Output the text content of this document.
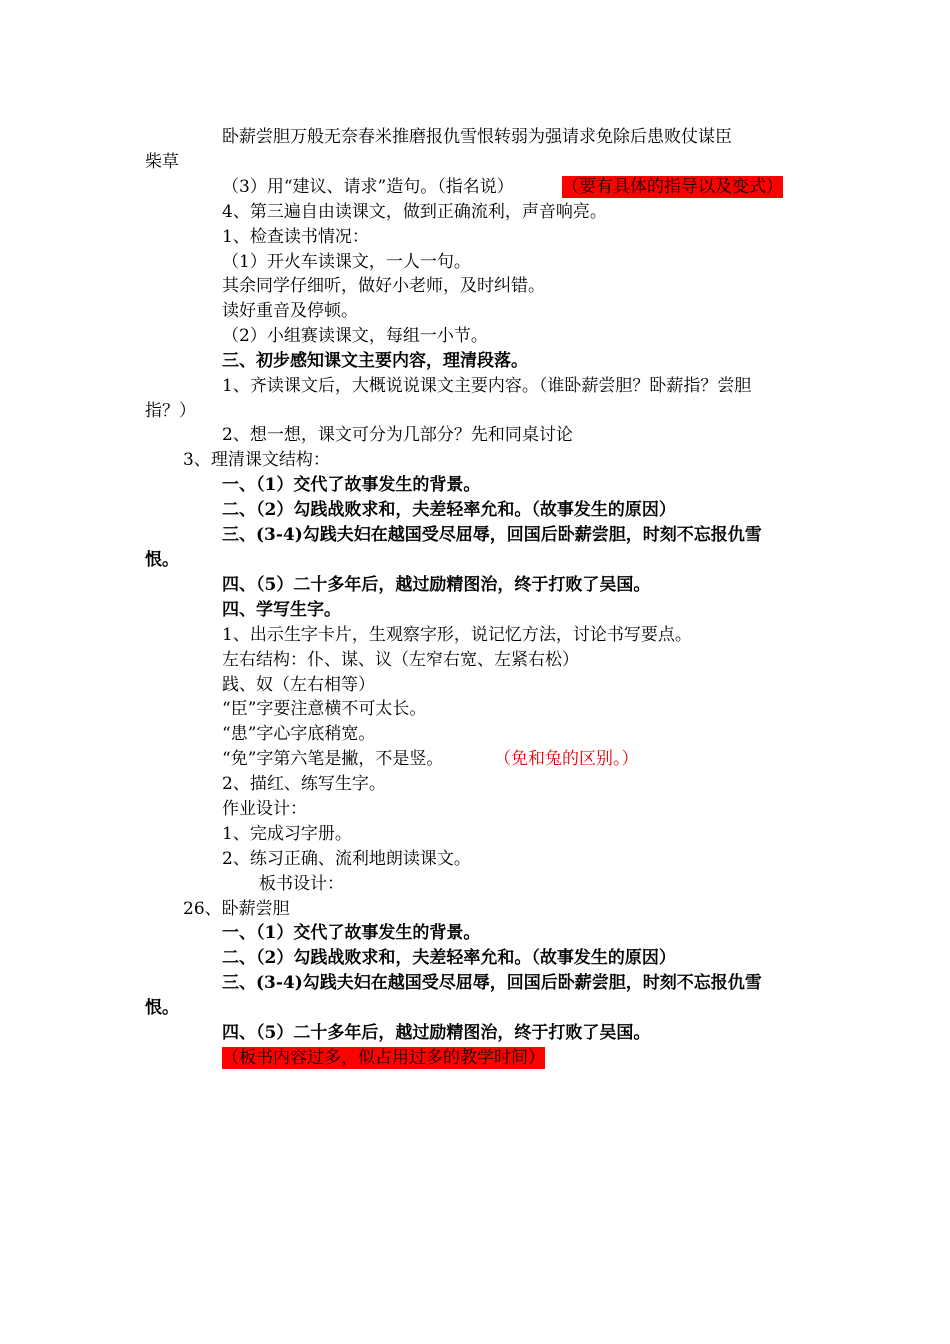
卧薪尝胆万般无奈春米推磨报仇雪恨转弱为强请求免除后患败仗谋臣
柴草
（3）用“建议、请求”造句。（指名说）	（要有具体的指导以及变式）
4、第三遍自由读课文，做到正确流利，声音响亮。
1、检查读书情况：
（1）开火车读课文，一人一句。
其余同学仔细听，做好小老师，及时纠错。
读好重音及停顿。
（2）小组赛读课文，每组一小节。
三、初步感知课文主要内容，理清段落。
1、齐读课文后，大概说说课文主要内容。（谁卧薪尝胆？卧薪指？尝胆
指？）
2、想一想，课文可分为几部分？先和同桌讨论
3、理清课文结构：
一、（1）交代了故事发生的背景。
二、（2）勾践战败求和，夫差轻率允和。（故事发生的原因）
三、(3-4)勾践夫妇在越国受尽屈辱，回国后卧薪尝胆，时刻不忘报仇雪
恨。
四、（5）二十多年后，越过励精图治，终于打败了吴国。
四、学写生字。
1、出示生字卡片，生观察字形，说记忆方法，讨论书写要点。
左右结构：仆、谋、议（左窄右宽、左紧右松）
践、奴（左右相等）
“臣”字要注意横不可太长。
“患”字心字底稍宽。
“免”字第六笔是撇，不是竖。	（免和兔的区别。）
2、描红、练写生字。
作业设计：
1、完成习字册。
2、练习正确、流利地朗读课文。
板书设计：
26、卧薪尝胆
一、（1）交代了故事发生的背景。
二、（2）勾践战败求和，夫差轻率允和。（故事发生的原因）
三、(3-4)勾践夫妇在越国受尽屈辱，回国后卧薪尝胆，时刻不忘报仇雪
恨。
四、（5）二十多年后，越过励精图治，终于打败了吴国。
（板书内容过多，似占用过多的教学时间）
